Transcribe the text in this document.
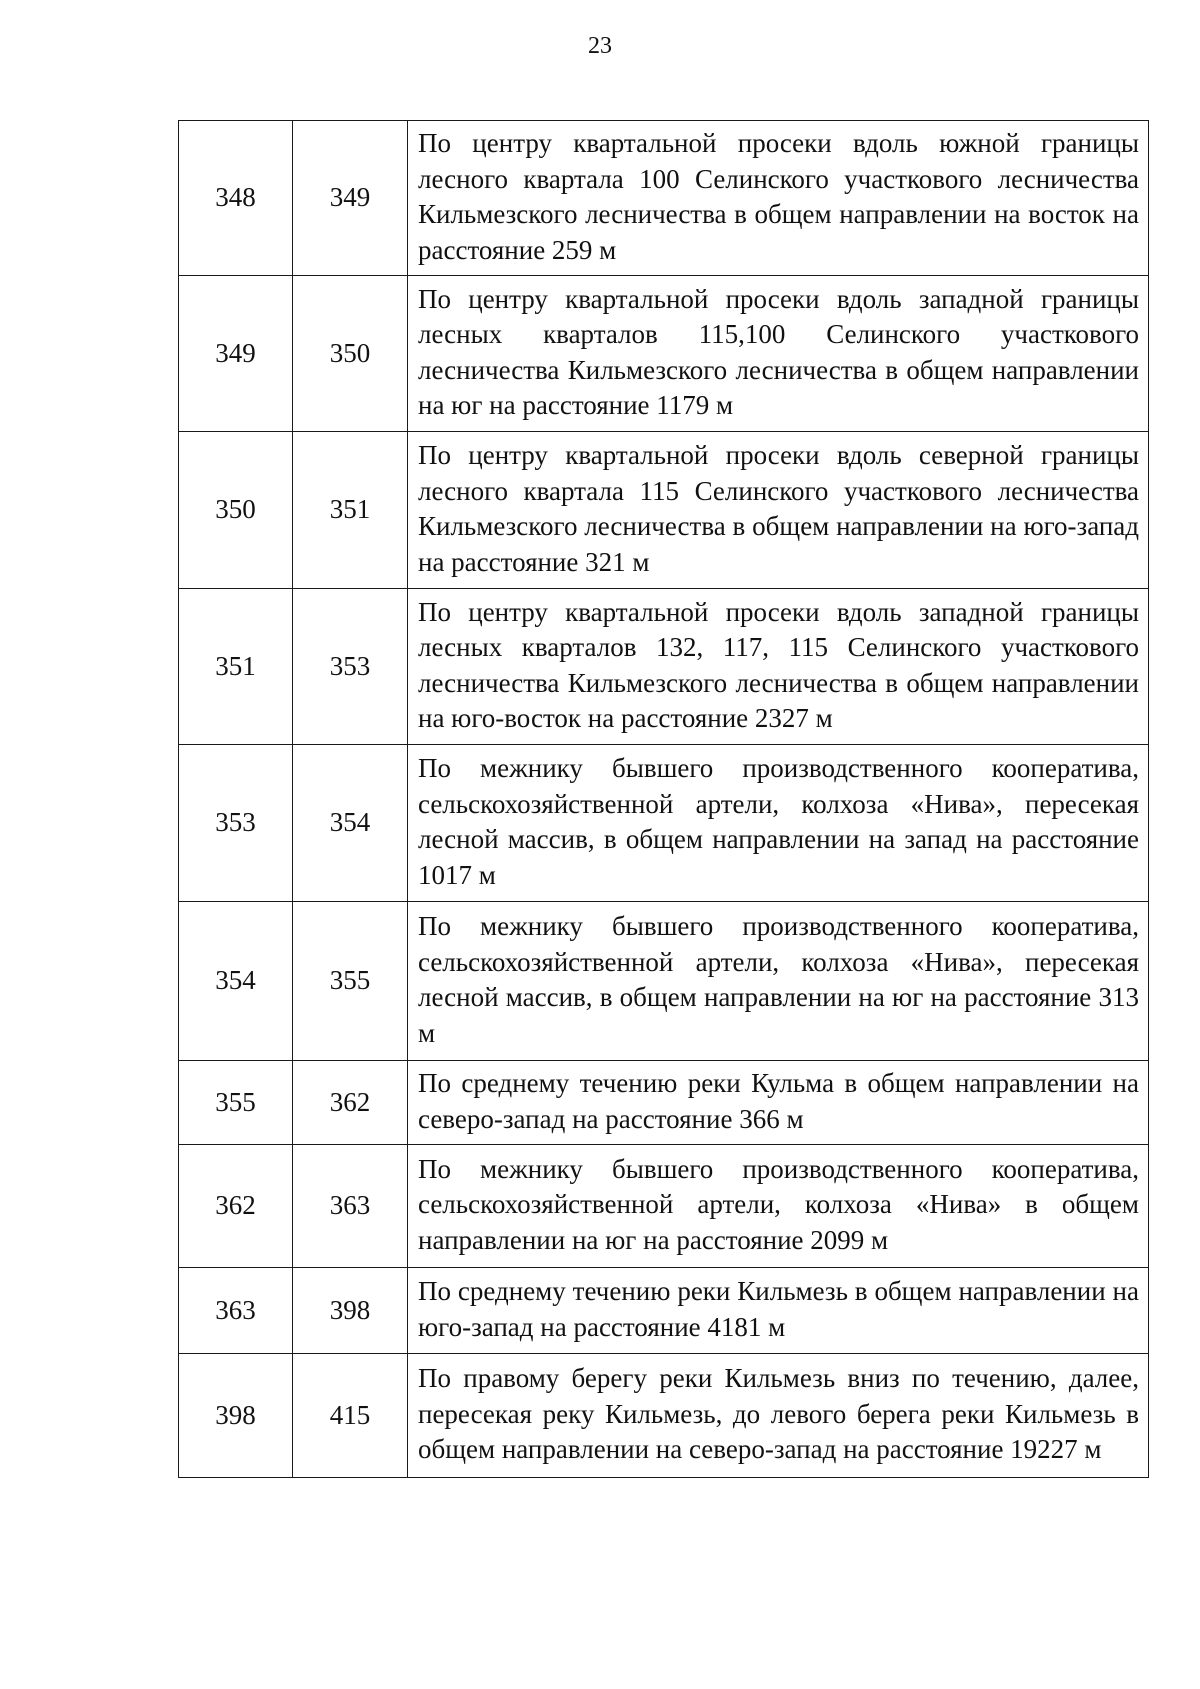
23
348	349	По центру квартальной просеки вдоль южной границы лесного квартала 100 Селинского участкового лесничества Кильмезского лесничества в общем направлении на восток на расстояние 259 м
349	350	По центру квартальной просеки вдоль западной границы лесных кварталов 115,100 Селинского участкового лесничества Кильмезского лесничества в общем направлении на юг на расстояние 1179 м
350	351	По центру квартальной просеки вдоль северной границы лесного квартала 115 Селинского участкового лесничества Кильмезского лесничества в общем направлении на юго-запад на расстояние 321 м
351	353	По центру квартальной просеки вдоль западной границы лесных кварталов 132, 117, 115 Селинского участкового лесничества Кильмезского лесничества в общем направлении на юго-восток на расстояние 2327 м
353	354	По межнику бывшего производственного кооператива, сельскохозяйственной артели, колхоза «Нива», пересекая лесной массив, в общем направлении на запад на расстояние 1017 м
354	355	По межнику бывшего производственного кооператива, сельскохозяйственной артели, колхоза «Нива», пересекая лесной массив, в общем направлении на юг на расстояние 313 м
355	362	По среднему течению реки Кульма в общем направлении на северо-запад на расстояние 366 м
362	363	По межнику бывшего производственного кооператива, сельскохозяйственной артели, колхоза «Нива» в общем направлении на юг на расстояние 2099 м
363	398	По среднему течению реки Кильмезь в общем направлении на юго-запад на расстояние 4181 м
398	415	По правому берегу реки Кильмезь вниз по течению, далее, пересекая реку Кильмезь, до левого берега реки Кильмезь в общем направлении на северо-запад на расстояние 19227 м
